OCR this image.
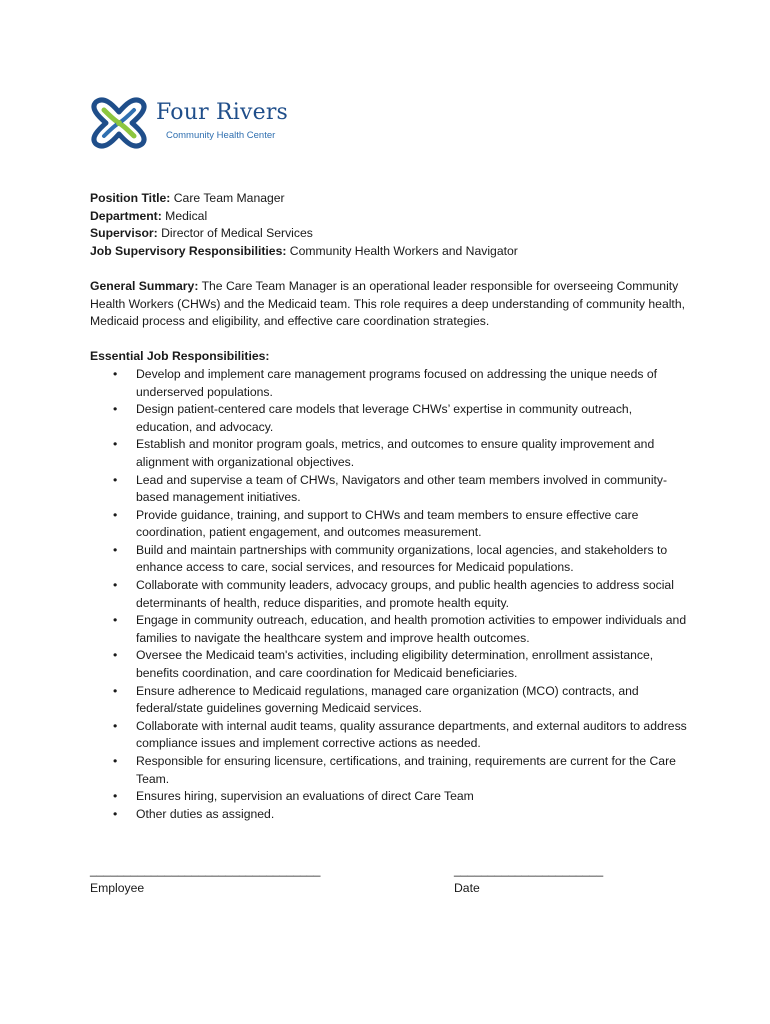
Four Rivers
Community Health Center

Position Title: Care Team Manager

Department: Medical

Supervisor: Director of Medical Services

Job Supervisory Responsibilities: Community Health Workers and Navigator

General Summary: The Care Team Manager is an operational leader responsible for overseeing Community Health Workers (CHWs) and the Medicaid team. This role requires a deep understanding of community health, Medicaid process and eligibility, and effective care coordination strategies.

Essential Job Responsibilities:

• Develop and implement care management programs focused on addressing the unique needs of underserved populations.
• Design patient-centered care models that leverage CHWs’ expertise in community outreach, education, and advocacy.
• Establish and monitor program goals, metrics, and outcomes to ensure quality improvement and alignment with organizational objectives.
• Lead and supervise a team of CHWs, Navigators and other team members involved in community- based management initiatives.
• Provide guidance, training, and support to CHWs and team members to ensure effective care coordination, patient engagement, and outcomes measurement.
• Build and maintain partnerships with community organizations, local agencies, and stakeholders to enhance access to care, social services, and resources for Medicaid populations.
• Collaborate with community leaders, advocacy groups, and public health agencies to address social determinants of health, reduce disparities, and promote health equity.
• Engage in community outreach, education, and health promotion activities to empower individuals and families to navigate the healthcare system and improve health outcomes.
• Oversee the Medicaid team's activities, including eligibility determination, enrollment assistance, benefits coordination, and care coordination for Medicaid beneficiaries.
• Ensure adherence to Medicaid regulations, managed care organization (MCO) contracts, and federal/state guidelines governing Medicaid services.
• Collaborate with internal audit teams, quality assurance departments, and external auditors to address compliance issues and implement corrective actions as needed.
• Responsible for ensuring licensure, certifications, and training, requirements are current for the Care Team.
• Ensures hiring, supervision an evaluations of direct Care Team
• Other duties as assigned.
__________________________________
Employee
______________________
Date
